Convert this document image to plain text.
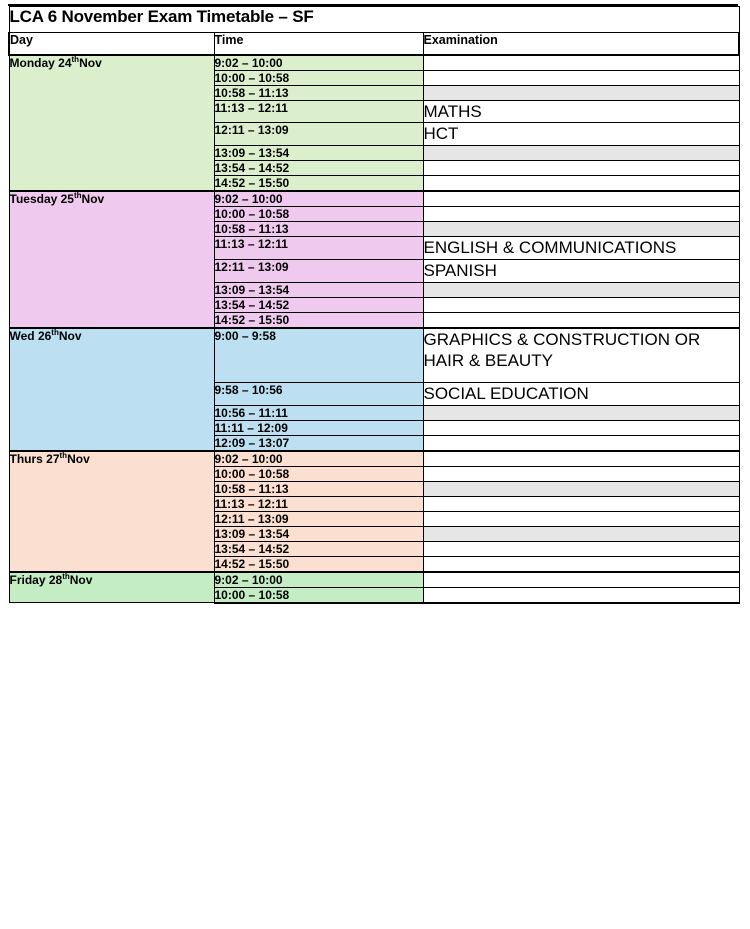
LCA 6 November Exam Timetable – SF		
Day	Time	Examination
Monday 24thNov	9:02 – 10:00	
	10:00 – 10:58	
	10:58 – 11:13	
	11:13 – 12:11	MATHS
	12:11 – 13:09	HCT
	13:09 – 13:54	
	13:54 – 14:52	
	14:52 – 15:50	
Tuesday 25thNov	9:02 – 10:00	
	10:00 – 10:58	
	10:58 – 11:13	
	11:13 – 12:11	ENGLISH & COMMUNICATIONS
	12:11 – 13:09	SPANISH
	13:09 – 13:54	
	13:54 – 14:52	
	14:52 – 15:50	
Wed 26thNov	9:00 – 9:58	GRAPHICS & CONSTRUCTION OR HAIR & BEAUTY
	9:58 – 10:56	SOCIAL EDUCATION
	10:56 – 11:11	
	11:11 – 12:09	
	12:09 – 13:07	
Thurs 27thNov	9:02 – 10:00	
	10:00 – 10:58	
	10:58 – 11:13	
	11:13 – 12:11	
	12:11 – 13:09	
	13:09 – 13:54	
	13:54 – 14:52	
	14:52 – 15:50	
Friday 28thNov	9:02 – 10:00	
	10:00 – 10:58	
